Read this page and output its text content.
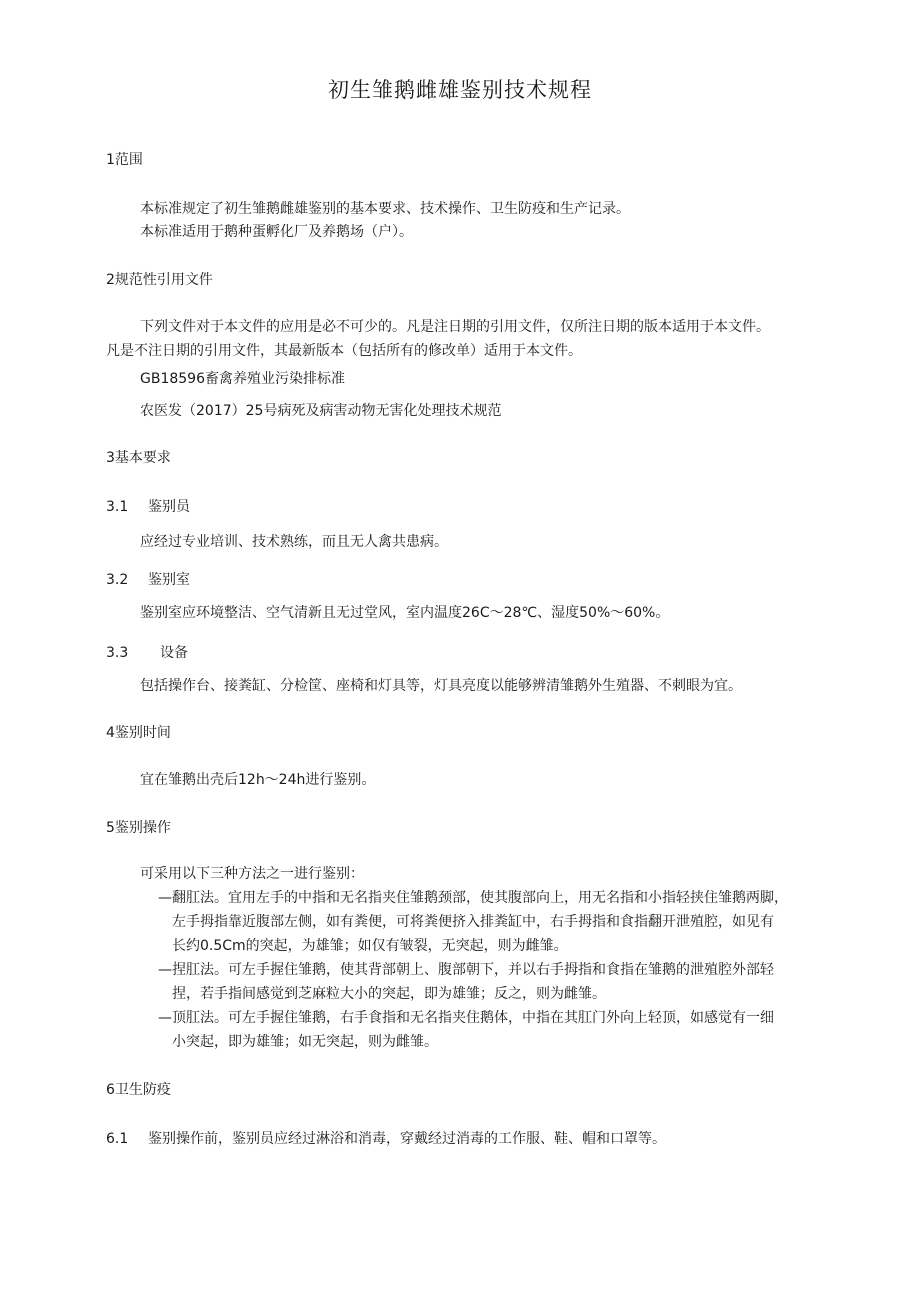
初生雏鹅雌雄鉴别技术规程
1范围
本标准规定了初生雏鹅雌雄鉴别的基本要求、技术操作、卫生防疫和生产记录。
本标准适用于鹅种蛋孵化厂及养鹅场（户）。
2规范性引用文件
下列文件对于本文件的应用是必不可少的。凡是注日期的引用文件，仅所注日期的版本适用于本文件。
凡是不注日期的引用文件，其最新版本（包括所有的修改单）适用于本文件。
GB18596畜禽养殖业污染排标准
农医发（2017）25号病死及病害动物无害化处理技术规范
3基本要求
3.1 鉴别员
应经过专业培训、技术熟练，而且无人禽共患病。
3.2 鉴别室
鉴别室应环境整洁、空气清新且无过堂风，室内温度26C～28℃、湿度50%～60%。
3.3 设备
包括操作台、接粪缸、分检筐、座椅和灯具等，灯具亮度以能够辨清雏鹅外生殖器、不刺眼为宜。
4鉴别时间
宜在雏鹅出壳后12h～24h进行鉴别。
5鉴别操作
可采用以下三种方法之一进行鉴别：
—翻肛法。宜用左手的中指和无名指夹住雏鹅颈部，使其腹部向上，用无名指和小指轻挟住雏鹅两脚，
左手拇指靠近腹部左侧，如有粪便，可将粪便挤入排粪缸中，右手拇指和食指翻开泄殖腔，如见有
长约0.5Cm的突起，为雄雏；如仅有皱裂，无突起，则为雌雏。
—捏肛法。可左手握住雏鹅，使其背部朝上、腹部朝下，并以右手拇指和食指在雏鹅的泄殖腔外部轻
捏，若手指间感觉到芝麻粒大小的突起，即为雄雏；反之，则为雌雏。
—顶肛法。可左手握住雏鹅，右手食指和无名指夹住鹅体，中指在其肛门外向上轻顶，如感觉有一细
小突起，即为雄雏；如无突起，则为雌雏。
6卫生防疫
6.1 鉴别操作前，鉴别员应经过淋浴和消毒，穿戴经过消毒的工作服、鞋、帽和口罩等。
